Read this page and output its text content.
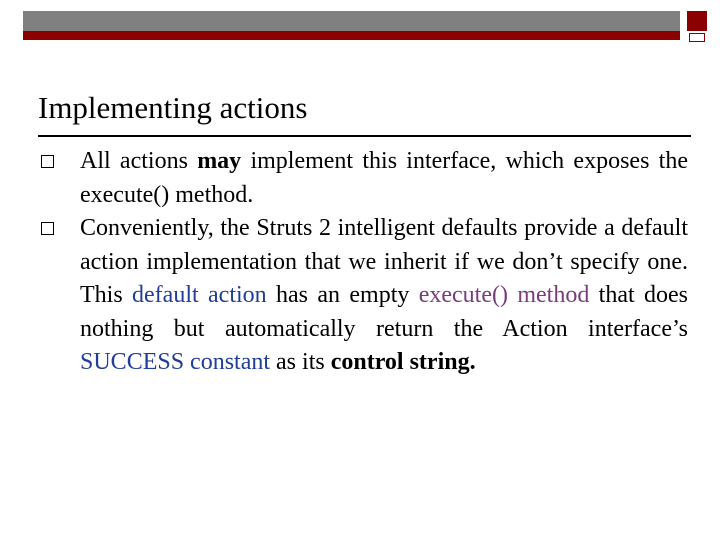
Implementing actions
All actions may implement this interface, which exposes the execute() method.
Conveniently, the Struts 2 intelligent defaults provide a default action implementation that we inherit if we don’t specify one. This default action has an empty execute() method that does nothing but automatically return the Action interface’s SUCCESS constant as its control string.
